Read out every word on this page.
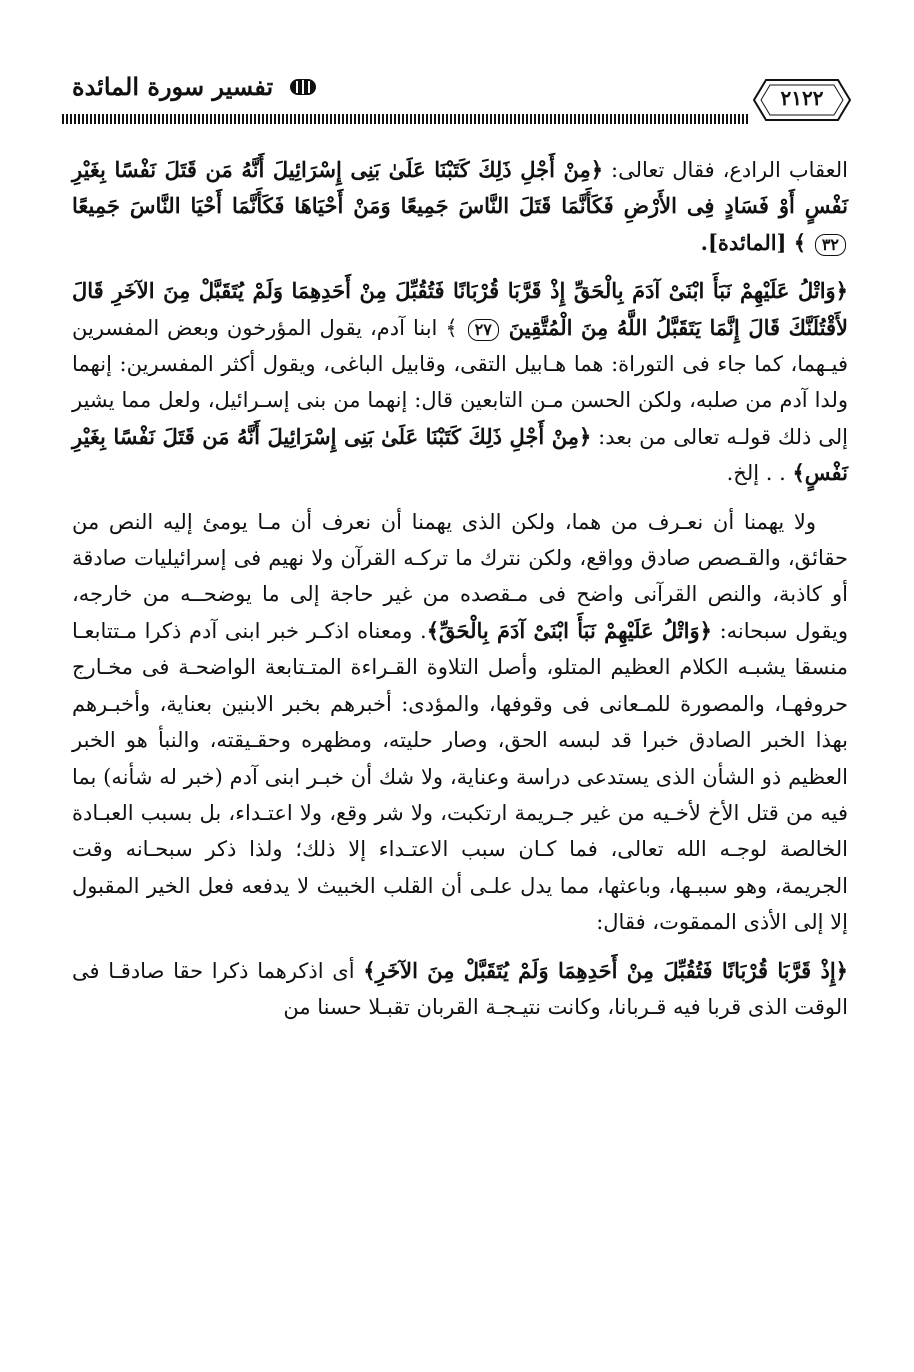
تفسير سورة المائدة	٢١٢٢

العقاب الرادع، فقال تعالى: ﴿مِنْ أَجْلِ ذَلِكَ كَتَبْنَا عَلَىٰ بَنِى إِسْرَائِيلَ أَنَّهُ مَن قَتَلَ نَفْسًا بِغَيْرِ نَفْسٍ أَوْ فَسَادٍ فِى الأَرْضِ فَكَأَنَّمَا قَتَلَ النَّاسَ جَمِيعًا وَمَنْ أَحْيَاهَا فَكَأَنَّمَا أَحْيَا النَّاسَ جَمِيعًا ٣٢ ﴾ [المائدة].

﴿وَاتْلُ عَلَيْهِمْ نَبَأَ ابْنَىْ آدَمَ بِالْحَقِّ إِذْ قَرَّبَا قُرْبَانًا فَتُقُبِّلَ مِنْ أَحَدِهِمَا وَلَمْ يُتَقَبَّلْ مِنَ الآخَرِ قَالَ لأَقْتُلَنَّكَ قَالَ إِنَّمَا يَتَقَبَّلُ اللَّهُ مِنَ الْمُتَّقِينَ ٢٧ ﴾ ابنا آدم، يقول المؤرخون وبعض المفسرين فيـهما، كما جاء فى التوراة: هما هـابيل التقى، وقابيل الباغى، ويقول أكثر المفسرين: إنهما ولدا آدم من صلبه، ولكن الحسن مـن التابعين قال: إنهما من بنى إسـرائيل، ولعل مما يشير إلى ذلك قولـه تعالى من بعد: ﴿مِنْ أَجْلِ ذَلِكَ كَتَبْنَا عَلَىٰ بَنِى إِسْرَائِيلَ أَنَّهُ مَن قَتَلَ نَفْسًا بِغَيْرِ نَفْسٍ﴾ . . إلخ.

ولا يهمنا أن نعـرف من هما، ولكن الذى يهمنا أن نعرف أن مـا يومئ إليه النص من حقائق، والقـصص صادق وواقع، ولكن نترك ما تركـه القرآن ولا نهيم فى إسرائيليات صادقة أو كاذبة، والنص القرآنى واضح فى مـقصده من غير حاجة إلى ما يوضحــه من خارجه، ويقول سبحانه: ﴿وَاتْلُ عَلَيْهِمْ نَبَأَ ابْنَىْ آدَمَ بِالْحَقِّ﴾. ومعناه اذكـر خبر ابنى آدم ذكرا مـتتابعـا منسقا يشبـه الكلام العظيم المتلو، وأصل التلاوة القـراءة المتـتابعة الواضحـة فى مخـارج حروفهـا، والمصورة للمـعانى فى وقوفها، والمؤدى: أخبرهم بخبر الابنين بعناية، وأخبـرهم بهذا الخبر الصادق خبرا قد لبسه الحق، وصار حليته، ومظهره وحقـيقته، والنبأ هو الخبر العظيم ذو الشأن الذى يستدعى دراسة وعناية، ولا شك أن خبـر ابنى آدم (خبر له شأنه) بما فيه من قتل الأخ لأخـيه من غير جـريمة ارتكبت، ولا شر وقع، ولا اعتـداء، بل بسبب العبـادة الخالصة لوجـه الله تعالى، فما كـان سبب الاعتـداء إلا ذلك؛ ولذا ذكر سبحـانه وقت الجريمة، وهو سببـها، وباعثها، مما يدل علـى أن القلب الخبيث لا يدفعه فعل الخير المقبول إلا إلى الأذى الممقوت، فقال:

﴿إِذْ قَرَّبَا قُرْبَانًا فَتُقُبِّلَ مِنْ أَحَدِهِمَا وَلَمْ يُتَقَبَّلْ مِنَ الآخَرِ﴾ أى اذكرهما ذكرا حقا صادقـا فى الوقت الذى قربا فيه قـربانا، وكانت نتيـجـة القربان تقبـلا حسنا من
